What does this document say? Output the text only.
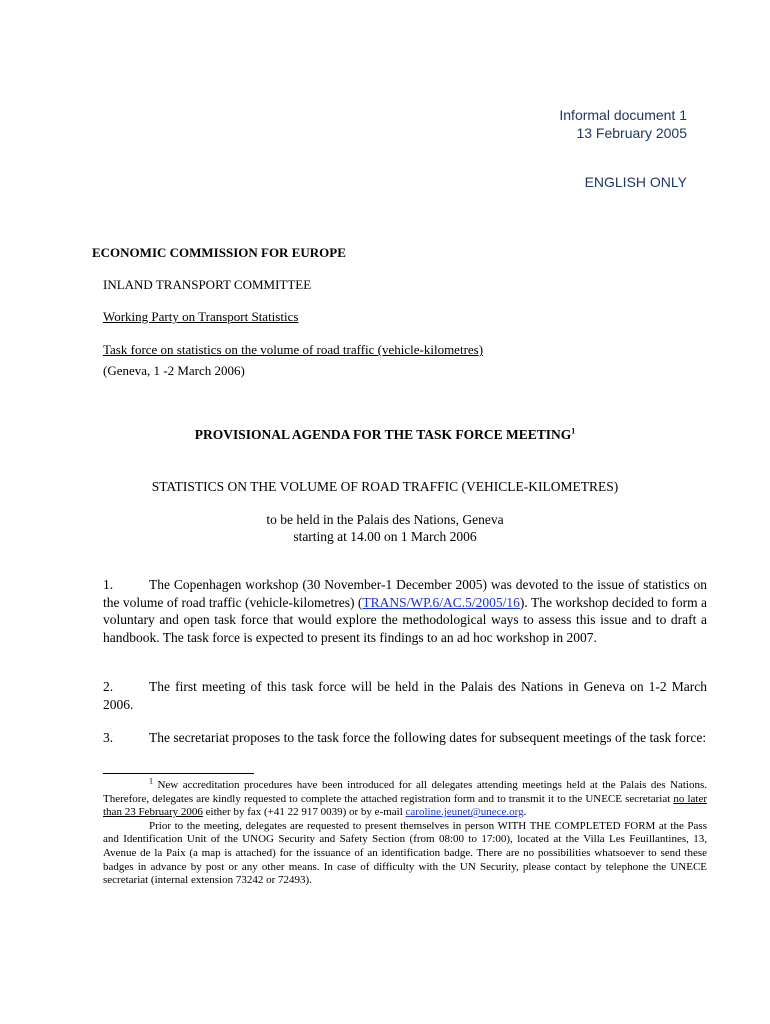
Informal document 1
13 February 2005
ENGLISH ONLY
ECONOMIC COMMISSION FOR EUROPE
INLAND TRANSPORT COMMITTEE
Working Party on Transport Statistics
Task force on statistics on the volume of road traffic (vehicle-kilometres)
(Geneva, 1 -2 March 2006)
PROVISIONAL AGENDA FOR THE TASK FORCE MEETING$^1$
STATISTICS ON THE VOLUME OF ROAD TRAFFIC (VEHICLE-KILOMETRES)
to be held in the Palais des Nations, Geneva
starting at 14.00 on 1 March 2006
1.	The Copenhagen workshop (30 November-1 December 2005) was devoted to the issue of statistics on the volume of road traffic (vehicle-kilometres) (TRANS/WP.6/AC.5/2005/16). The workshop decided to form a voluntary and open task force that would explore the methodological ways to assess this issue and to draft a handbook. The task force is expected to present its findings to an ad hoc workshop in 2007.
2.	The first meeting of this task force will be held in the Palais des Nations in Geneva on 1-2 March 2006.
3.	The secretariat proposes to the task force the following dates for subsequent meetings of the task force:
$^1$ New accreditation procedures have been introduced for all delegates attending meetings held at the Palais des Nations. Therefore, delegates are kindly requested to complete the attached registration form and to transmit it to the UNECE secretariat no later than 23 February 2006 either by fax (+41 22 917 0039) or by e-mail caroline.jeunet@unece.org.
Prior to the meeting, delegates are requested to present themselves in person WITH THE COMPLETED FORM at the Pass and Identification Unit of the UNOG Security and Safety Section (from 08:00 to 17:00), located at the Villa Les Feuillantines, 13, Avenue de la Paix (a map is attached) for the issuance of an identification badge. There are no possibilities whatsoever to send these badges in advance by post or any other means. In case of difficulty with the UN Security, please contact by telephone the UNECE secretariat (internal extension 73242 or 72493).
